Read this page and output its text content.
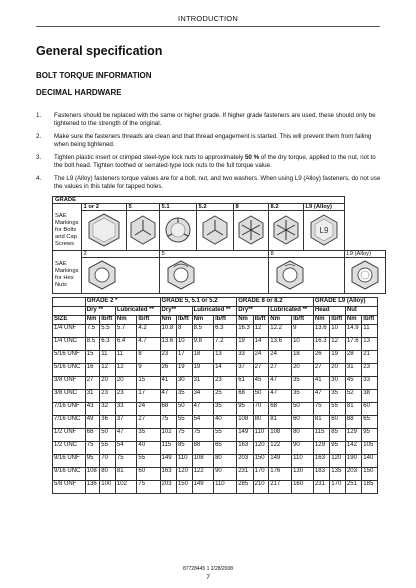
INTRODUCTION
General specification
BOLT TORQUE INFORMATION
DECIMAL HARDWARE
1.	Fasteners should be replaced with the same or higher grade. If higher grade fasteners are used, these should only be tightened to the strength of the original.
2.	Make sure the fasteners threads are clean and that thread engagement is started. This will prevent them from failing when being tightened.
3.	Tighten plastic insert or crimped steel-type lock nuts to approximately 50 % of the dry torque, applied to the nut, not to the bolt head. Tighten toothed or serrated-type lock nuts to the full torque value.
4.	The L9 (Alloy) fasteners torque values are for a bolt, nut, and two washers. When using L9 (Alloy) fasteners, do not use the values in this table for tapped holes.
GRADE								
	1 or 2	5	5.1	5.2	8	8.2	L9 (Alloy)	
SAE Markings for Bolts and Cap Screws							L9	

	2		5			8		L9 (Alloy)
SAE Markings for Hex Nuts	

	GRADE 2 *				GRADE 5, 5.1 or 5.2				GRADE 8 or 8.2				GRADE L9 (Alloy)			
	Dry **		Lubricated **		Dry**		Lubricated **		Dry**		Lubricated **		Head		Nut	
SIZE	Nm	lb/ft	Nm	lb/ft	Nm	lb/ft	Nm	lb/ft	Nm	lb/ft	Nm	lb/ft	Nm	lb/ft	Nm	lb/ft
1/4 UNF	7.5	5.5	5.7	4.2	10.8	8	8.5	6.3	16.3	12	12.2	9	13.6	10	14.9	11
1/4 UNC	8.5	6.3	6.4	4.7	13.6	10	9.8	7.2	19	14	13.6	10	16.3	12	17.6	13
5/16 UNF	15	11	11	8	23	17	18	13	33	24	24	18	26	19	28	21
5/16 UNC	16	12	12	9	26	19	19	14	37	27	27	20	27	20	31	23
3/8 UNF	27	20	20	15	41	30	31	23	61	45	47	35	41	30	45	33
3/8 UNC	31	23	23	17	47	35	34	25	68	50	47	35	47	35	52	38
7/16 UNF	43	32	33	24	68	50	47	35	95	70	68	50	75	55	81	60
7/16 UNC	49	36	37	27	75	55	54	40	108	80	81	60	81	60	88	65
1/2 UNF	68	50	47	35	102	75	75	55	149	110	108	80	115	85	129	95
1/2 UNC	75	55	54	40	115	85	88	65	163	120	122	90	129	95	142	105
9/16 UNF	95	70	75	55	149	110	108	80	203	150	149	110	163	120	190	140
9/16 UNC	108	80	81	60	163	120	122	90	231	170	176	130	183	135	203	150
5/8 UNF	136	100	102	75	203	150	149	110	285	210	217	160	231	170	251	185
87728445 1 2/28/2008
7
